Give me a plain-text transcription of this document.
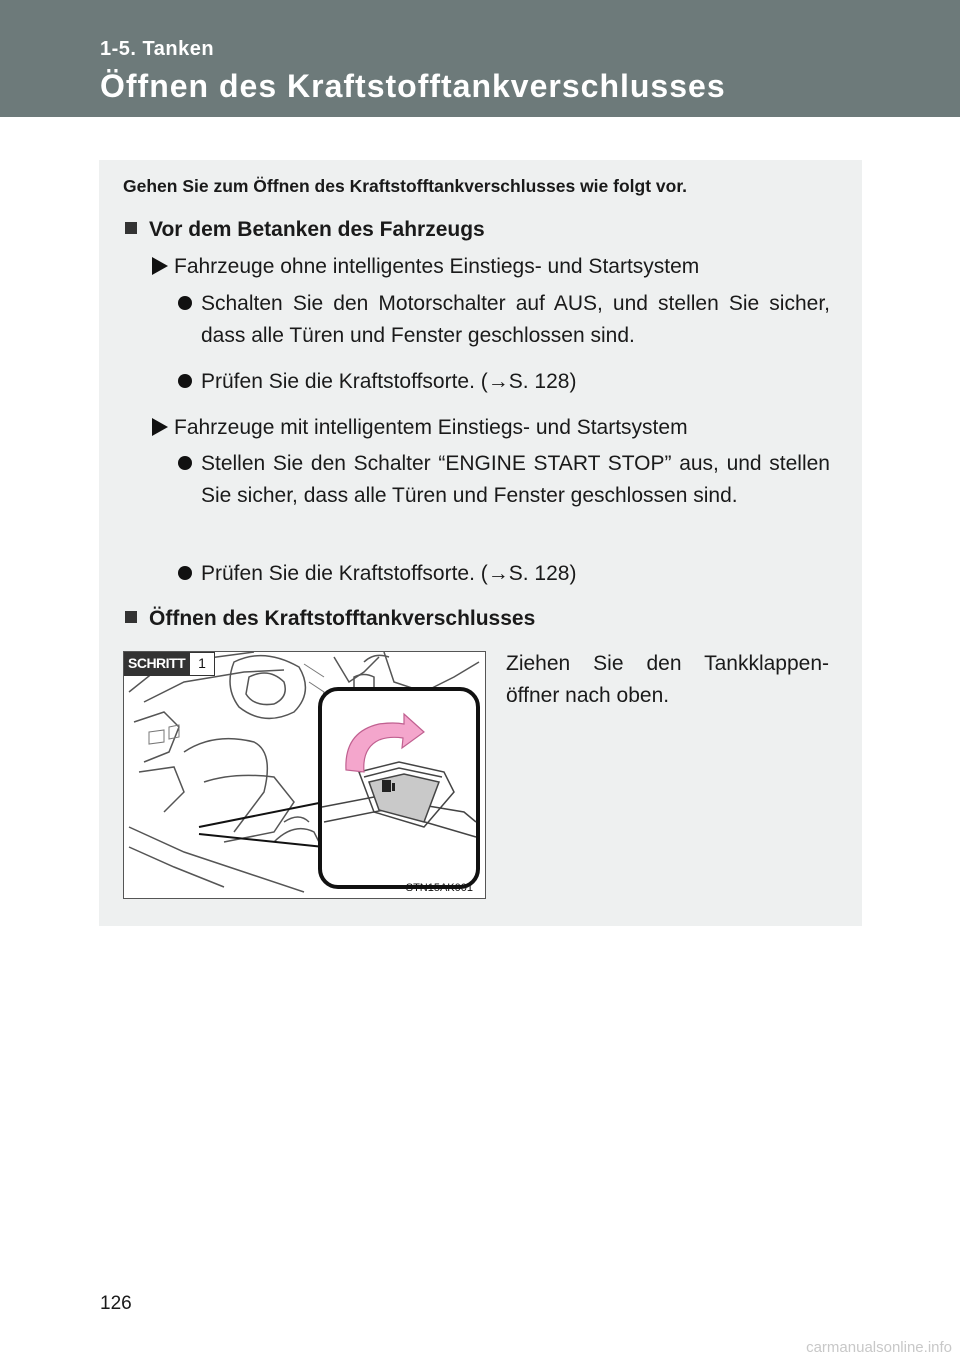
1-5. Tanken
Öffnen des Kraftstofftankverschlusses
Gehen Sie zum Öffnen des Kraftstofftankverschlusses wie folgt vor.
Vor dem Betanken des Fahrzeugs
Fahrzeuge ohne intelligentes Einstiegs- und Startsystem
Schalten Sie den Motorschalter auf AUS, und stellen Sie sicher, dass alle Türen und Fenster geschlossen sind.
Prüfen Sie die Kraftstoffsorte. (→S. 128)
Fahrzeuge mit intelligentem Einstiegs- und Startsystem
Stellen Sie den Schalter “ENGINE START STOP” aus, und stellen Sie sicher, dass alle Türen und Fenster geschlossen sind.
Prüfen Sie die Kraftstoffsorte. (→S. 128)
Öffnen des Kraftstofftankverschlusses
SCHRITT 1
STN15AK001
Ziehen Sie den Tankklappen-öffner nach oben.
126
carmanualsonline.info
